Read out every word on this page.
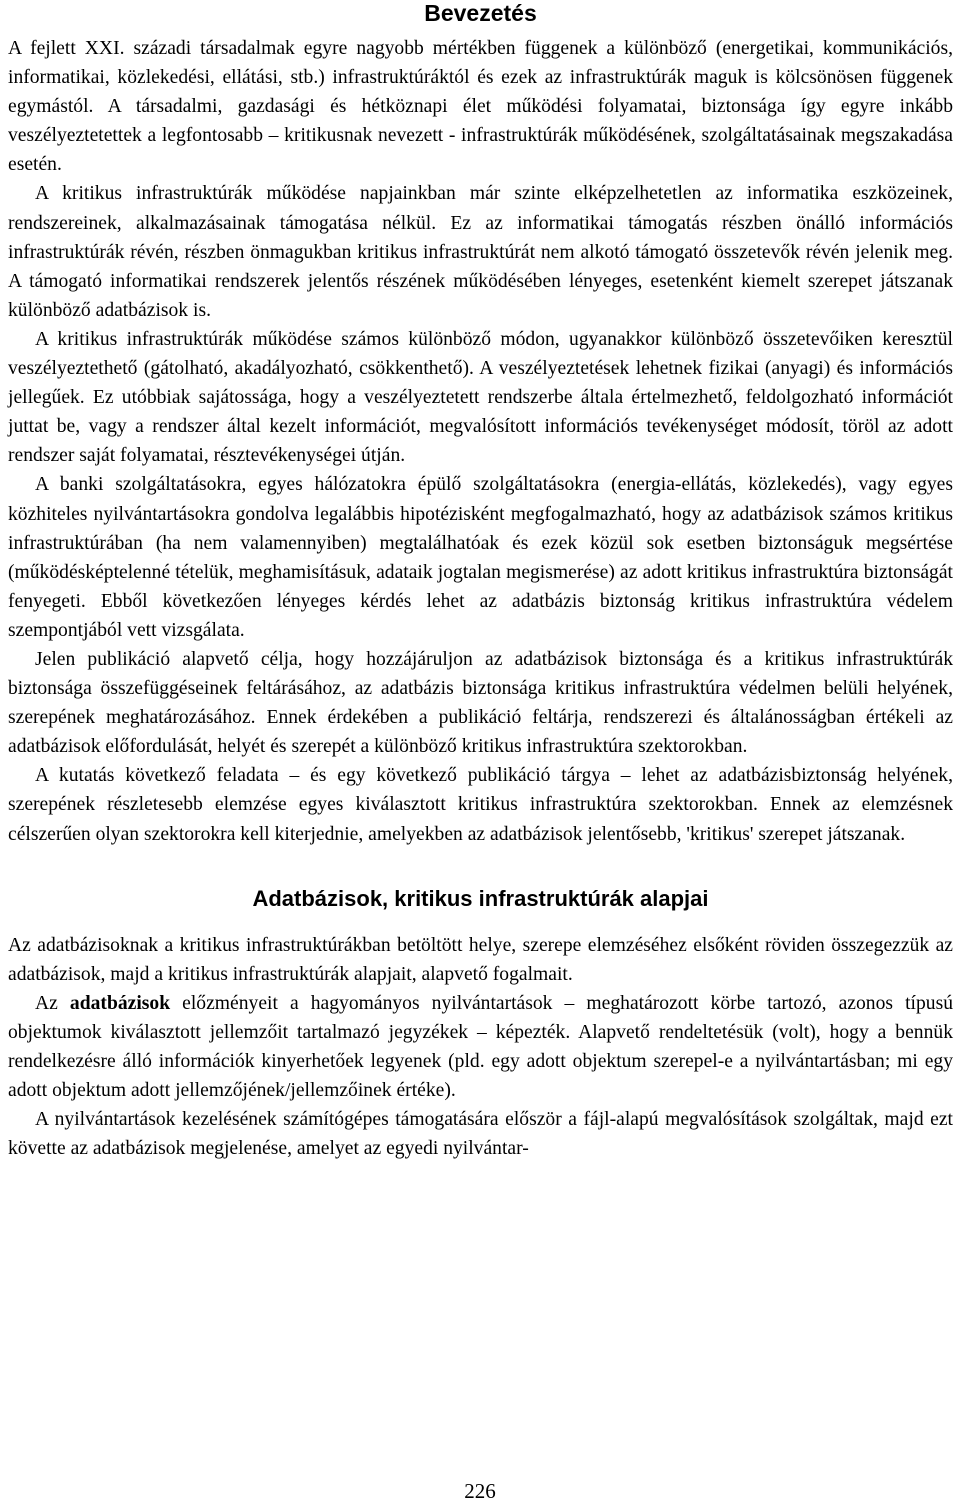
Bevezetés

A fejlett XXI. századi társadalmak egyre nagyobb mértékben függenek a különböző (energetikai, kommunikációs, informatikai, közlekedési, ellátási, stb.) infrastruktúráktól és ezek az infrastruktúrák maguk is kölcsönösen függenek egymástól. A társadalmi, gazdasági és hétköznapi élet működési folyamatai, biztonsága így egyre inkább veszélyeztetettek a legfontosabb – kritikusnak nevezett - infrastruktúrák működésének, szolgáltatásainak megszakadása esetén.

A kritikus infrastruktúrák működése napjainkban már szinte elképzelhetetlen az informatika eszközeinek, rendszereinek, alkalmazásainak támogatása nélkül. Ez az informatikai támogatás részben önálló információs infrastruktúrák révén, részben önmagukban kritikus infrastruktúrát nem alkotó támogató összetevők révén jelenik meg. A támogató informatikai rendszerek jelentős részének működésében lényeges, esetenként kiemelt szerepet játszanak különböző adatbázisok is.

A kritikus infrastruktúrák működése számos különböző módon, ugyanakkor különböző összetevőiken keresztül veszélyeztethető (gátolható, akadályozható, csökkenthető). A veszélyeztetések lehetnek fizikai (anyagi) és információs jellegűek. Ez utóbbiak sajátossága, hogy a veszélyeztetett rendszerbe általa értelmezhető, feldolgozható információt juttat be, vagy a rendszer által kezelt információt, megvalósított információs tevékenységet módosít, töröl az adott rendszer saját folyamatai, résztevékenységei útján.

A banki szolgáltatásokra, egyes hálózatokra épülő szolgáltatásokra (energia-ellátás, közlekedés), vagy egyes közhiteles nyilvántartásokra gondolva legalábbis hipotézisként megfogalmazható, hogy az adatbázisok számos kritikus infrastruktúrában (ha nem valamennyiben) megtalálhatóak és ezek közül sok esetben biztonságuk megsértése (működésképtelenné tételük, meghamisításuk, adataik jogtalan megismerése) az adott kritikus infrastruktúra biztonságát fenyegeti. Ebből következően lényeges kérdés lehet az adatbázis biztonság kritikus infrastruktúra védelem szempontjából vett vizsgálata.

Jelen publikáció alapvető célja, hogy hozzájáruljon az adatbázisok biztonsága és a kritikus infrastruktúrák biztonsága összefüggéseinek feltárásához, az adatbázis biztonsága kritikus infrastruktúra védelmen belüli helyének, szerepének meghatározásához. Ennek érdekében a publikáció feltárja, rendszerezi és általánosságban értékeli az adatbázisok előfordulását, helyét és szerepét a különböző kritikus infrastruktúra szektorokban.

A kutatás következő feladata – és egy következő publikáció tárgya – lehet az adatbázisbiztonság helyének, szerepének részletesebb elemzése egyes kiválasztott kritikus infrastruktúra szektorokban. Ennek az elemzésnek célszerűen olyan szektorokra kell kiterjednie, amelyekben az adatbázisok jelentősebb, 'kritikus' szerepet játszanak.

Adatbázisok, kritikus infrastruktúrák alapjai

Az adatbázisoknak a kritikus infrastruktúrákban betöltött helye, szerepe elemzéséhez elsőként röviden összegezzük az adatbázisok, majd a kritikus infrastruktúrák alapjait, alapvető fogalmait.

Az adatbázisok előzményeit a hagyományos nyilvántartások – meghatározott körbe tartozó, azonos típusú objektumok kiválasztott jellemzőit tartalmazó jegyzékek – képezték. Alapvető rendeltetésük (volt), hogy a bennük rendelkezésre álló információk kinyerhetőek legyenek (pld. egy adott objektum szerepel-e a nyilvántartásban; mi egy adott objektum adott jellemzőjének/jellemzőinek értéke).

A nyilvántartások kezelésének számítógépes támogatására először a fájl-alapú megvalósítások szolgáltak, majd ezt követte az adatbázisok megjelenése, amelyet az egyedi nyilvántar-

226
